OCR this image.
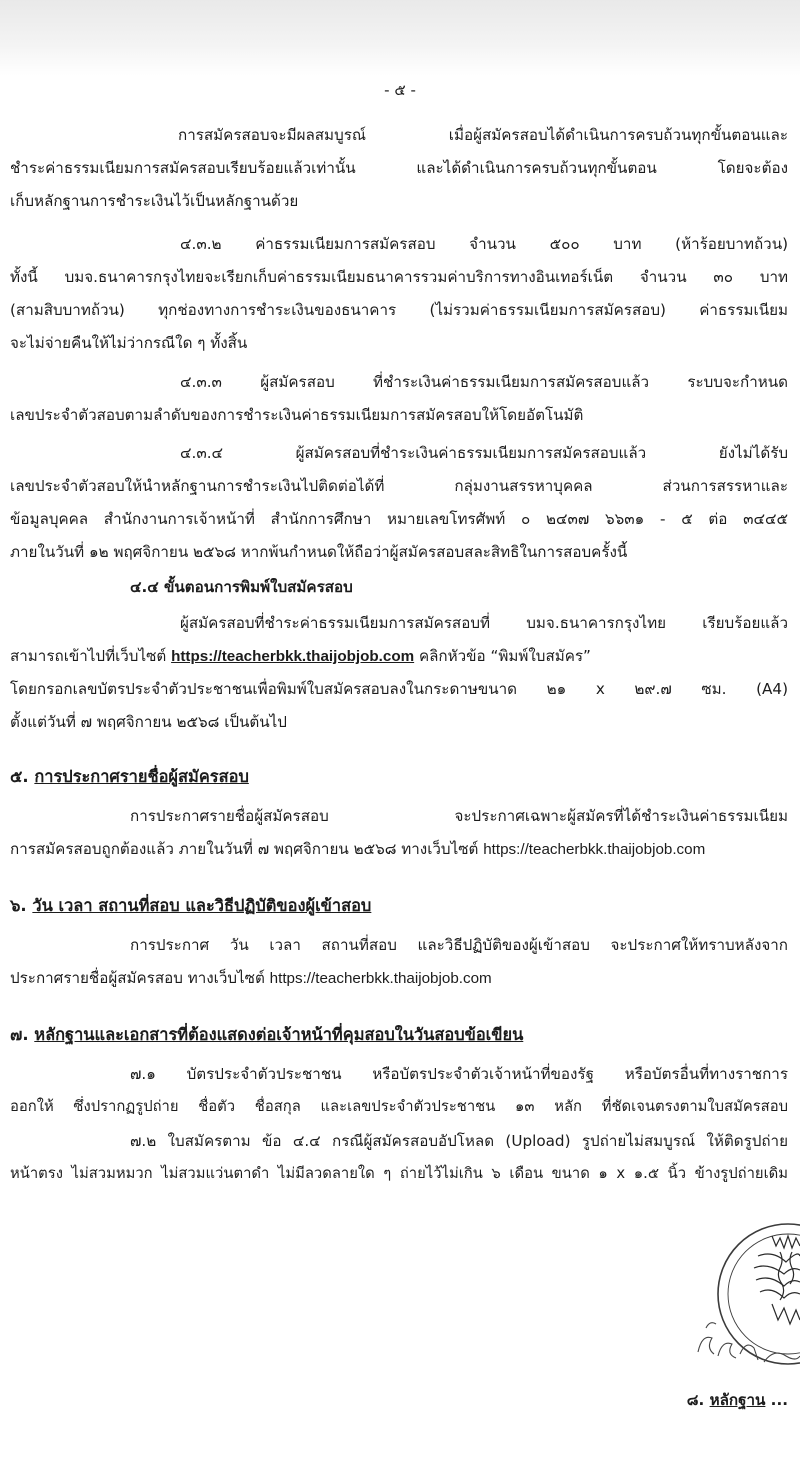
- ๕ -
การสมัครสอบจะมีผลสมบูรณ์ เมื่อผู้สมัครสอบได้ดำเนินการครบถ้วนทุกขั้นตอนและ
ชำระค่าธรรมเนียมการสมัครสอบเรียบร้อยแล้วเท่านั้น และได้ดำเนินการครบถ้วนทุกขั้นตอน โดยจะต้อง
เก็บหลักฐานการชำระเงินไว้เป็นหลักฐานด้วย
๔.๓.๒ ค่าธรรมเนียมการสมัครสอบ จำนวน ๕๐๐ บาท (ห้าร้อยบาทถ้วน)
ทั้งนี้ บมจ.ธนาคารกรุงไทยจะเรียกเก็บค่าธรรมเนียมธนาคารรวมค่าบริการทางอินเทอร์เน็ต จำนวน ๓๐ บาท
(สามสิบบาทถ้วน) ทุกช่องทางการชำระเงินของธนาคาร (ไม่รวมค่าธรรมเนียมการสมัครสอบ) ค่าธรรมเนียม
จะไม่จ่ายคืนให้ไม่ว่ากรณีใด ๆ ทั้งสิ้น
๔.๓.๓ ผู้สมัครสอบ ที่ชำระเงินค่าธรรมเนียมการสมัครสอบแล้ว ระบบจะกำหนด
เลขประจำตัวสอบตามลำดับของการชำระเงินค่าธรรมเนียมการสมัครสอบให้โดยอัตโนมัติ
๔.๓.๔ ผู้สมัครสอบที่ชำระเงินค่าธรรมเนียมการสมัครสอบแล้ว ยังไม่ได้รับ
เลขประจำตัวสอบให้นำหลักฐานการชำระเงินไปติดต่อได้ที่ กลุ่มงานสรรหาบุคคล ส่วนการสรรหาและ
ข้อมูลบุคคล สำนักงานการเจ้าหน้าที่ สำนักการศึกษา หมายเลขโทรศัพท์ ๐ ๒๔๓๗ ๖๖๓๑ - ๕ ต่อ ๓๔๔๕
ภายในวันที่ ๑๒ พฤศจิกายน ๒๕๖๘ หากพ้นกำหนดให้ถือว่าผู้สมัครสอบสละสิทธิในการสอบครั้งนี้
๔.๔ ขั้นตอนการพิมพ์ใบสมัครสอบ
ผู้สมัครสอบที่ชำระค่าธรรมเนียมการสมัครสอบที่ บมจ.ธนาคารกรุงไทย เรียบร้อยแล้ว
สามารถเข้าไปที่เว็บไซต์ https://teacherbkk.thaijobjob.com คลิกหัวข้อ “พิมพ์ใบสมัคร”
โดยกรอกเลขบัตรประจำตัวประชาชนเพื่อพิมพ์ใบสมัครสอบลงในกระดาษขนาด ๒๑ x ๒๙.๗ ซม. (A4)
ตั้งแต่วันที่ ๗ พฤศจิกายน ๒๕๖๘ เป็นต้นไป
๕. การประกาศรายชื่อผู้สมัครสอบ
การประกาศรายชื่อผู้สมัครสอบ จะประกาศเฉพาะผู้สมัครที่ได้ชำระเงินค่าธรรมเนียม
การสมัครสอบถูกต้องแล้ว ภายในวันที่ ๗ พฤศจิกายน ๒๕๖๘ ทางเว็บไซต์ https://teacherbkk.thaijobjob.com
๖. วัน เวลา สถานที่สอบ และวิธีปฏิบัติของผู้เข้าสอบ
การประกาศ วัน เวลา สถานที่สอบ และวิธีปฏิบัติของผู้เข้าสอบ จะประกาศให้ทราบหลังจาก
ประกาศรายชื่อผู้สมัครสอบ ทางเว็บไซต์ https://teacherbkk.thaijobjob.com
๗. หลักฐานและเอกสารที่ต้องแสดงต่อเจ้าหน้าที่คุมสอบในวันสอบข้อเขียน
๗.๑ บัตรประจำตัวประชาชน หรือบัตรประจำตัวเจ้าหน้าที่ของรัฐ หรือบัตรอื่นที่ทางราชการ
ออกให้ ซึ่งปรากฏรูปถ่าย ชื่อตัว ชื่อสกุล และเลขประจำตัวประชาชน ๑๓ หลัก ที่ชัดเจนตรงตามใบสมัครสอบ
๗.๒ ใบสมัครตาม ข้อ ๔.๔ กรณีผู้สมัครสอบอัปโหลด (Upload) รูปถ่ายไม่สมบูรณ์ ให้ติดรูปถ่าย
หน้าตรง ไม่สวมหมวก ไม่สวมแว่นตาดำ ไม่มีลวดลายใด ๆ ถ่ายไว้ไม่เกิน ๖ เดือน ขนาด ๑ x ๑.๕ นิ้ว ข้างรูปถ่ายเดิม
๘. หลักฐาน ...
